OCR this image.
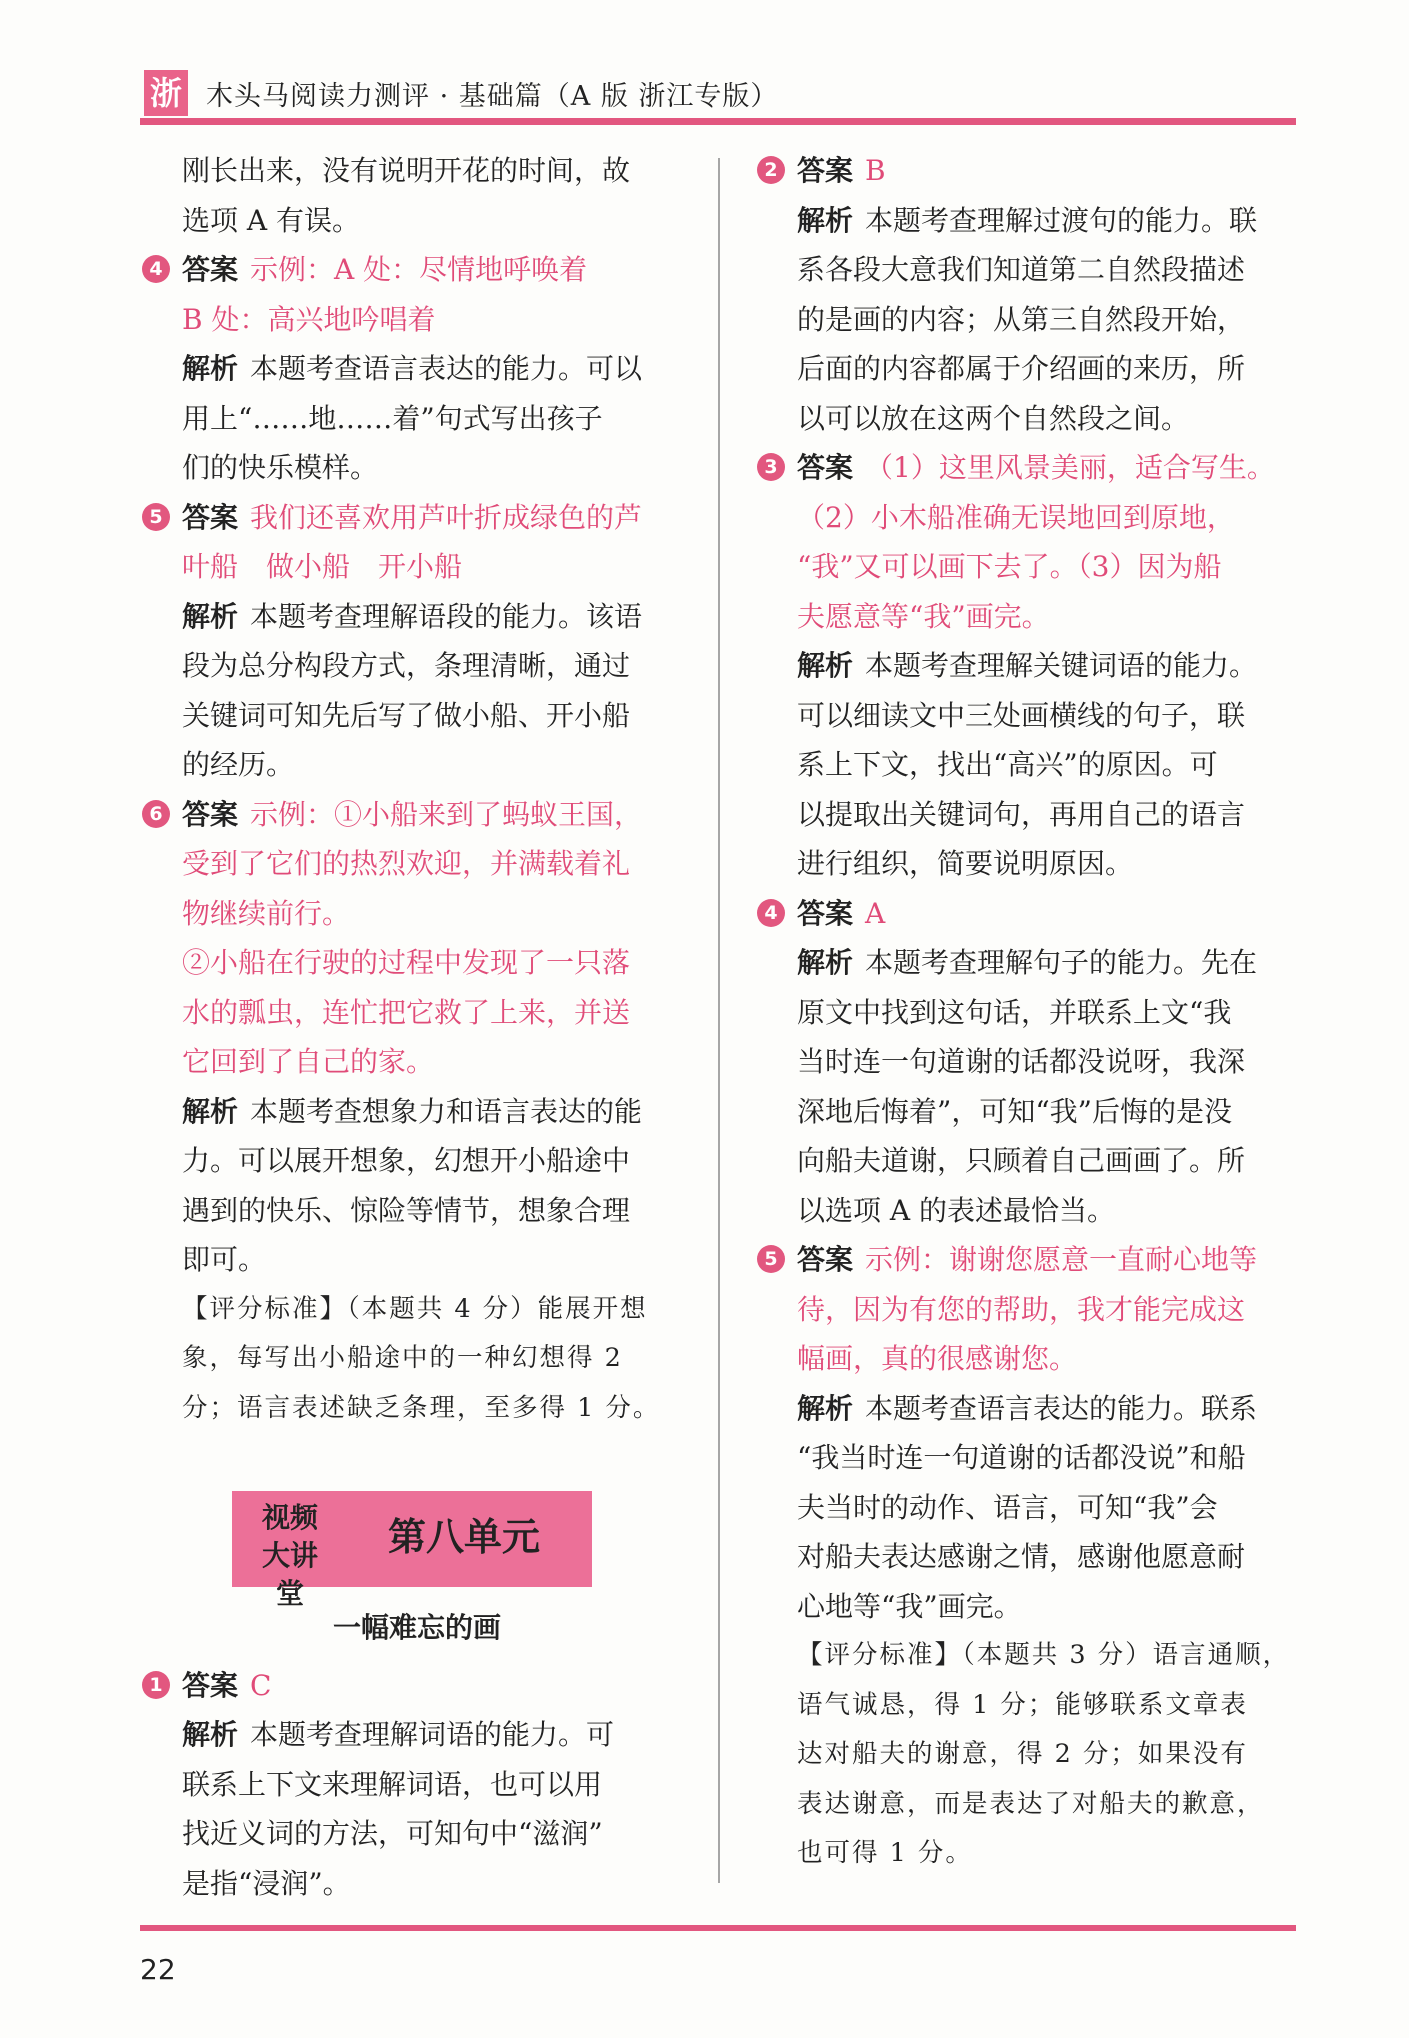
浙 木头马阅读力测评 · 基础篇（A 版 浙江专版）
刚长出来，没有说明开花的时间，故
选项 A 有误。
4 答案 示例：A 处：尽情地呼唤着
B 处：高兴地吟唱着
解析 本题考查语言表达的能力。可以
用上“……地……着”句式写出孩子
们的快乐模样。
5 答案 我们还喜欢用芦叶折成绿色的芦
叶船　做小船　开小船
解析 本题考查理解语段的能力。该语
段为总分构段方式，条理清晰，通过
关键词可知先后写了做小船、开小船
的经历。
6 答案 示例：①小船来到了蚂蚁王国，
受到了它们的热烈欢迎，并满载着礼
物继续前行。
②小船在行驶的过程中发现了一只落
水的瓢虫，连忙把它救了上来，并送
它回到了自己的家。
解析 本题考查想象力和语言表达的能
力。可以展开想象，幻想开小船途中
遇到的快乐、惊险等情节，想象合理
即可。
【评分标准】（本题共 4 分）能展开想
象，每写出小船途中的一种幻想得 2
分；语言表述缺乏条理，至多得 1 分。
视频
大讲堂
第八单元
一幅难忘的画
1 答案 C
解析 本题考查理解词语的能力。可
联系上下文来理解词语，也可以用
找近义词的方法，可知句中“滋润”
是指“浸润”。
2 答案 B
解析 本题考查理解过渡句的能力。联
系各段大意我们知道第二自然段描述
的是画的内容；从第三自然段开始，
后面的内容都属于介绍画的来历，所
以可以放在这两个自然段之间。
3 答案 （1）这里风景美丽，适合写生。
（2）小木船准确无误地回到原地，
“我”又可以画下去了。（3）因为船
夫愿意等“我”画完。
解析 本题考查理解关键词语的能力。
可以细读文中三处画横线的句子，联
系上下文，找出“高兴”的原因。可
以提取出关键词句，再用自己的语言
进行组织，简要说明原因。
4 答案 A
解析 本题考查理解句子的能力。先在
原文中找到这句话，并联系上文“我
当时连一句道谢的话都没说呀，我深
深地后悔着”，可知“我”后悔的是没
向船夫道谢，只顾着自己画画了。所
以选项 A 的表述最恰当。
5 答案 示例：谢谢您愿意一直耐心地等
待，因为有您的帮助，我才能完成这
幅画，真的很感谢您。
解析 本题考查语言表达的能力。联系
“我当时连一句道谢的话都没说”和船
夫当时的动作、语言，可知“我”会
对船夫表达感谢之情，感谢他愿意耐
心地等“我”画完。
【评分标准】（本题共 3 分）语言通顺，
语气诚恳，得 1 分；能够联系文章表
达对船夫的谢意，得 2 分；如果没有
表达谢意，而是表达了对船夫的歉意，
也可得 1 分。
22
